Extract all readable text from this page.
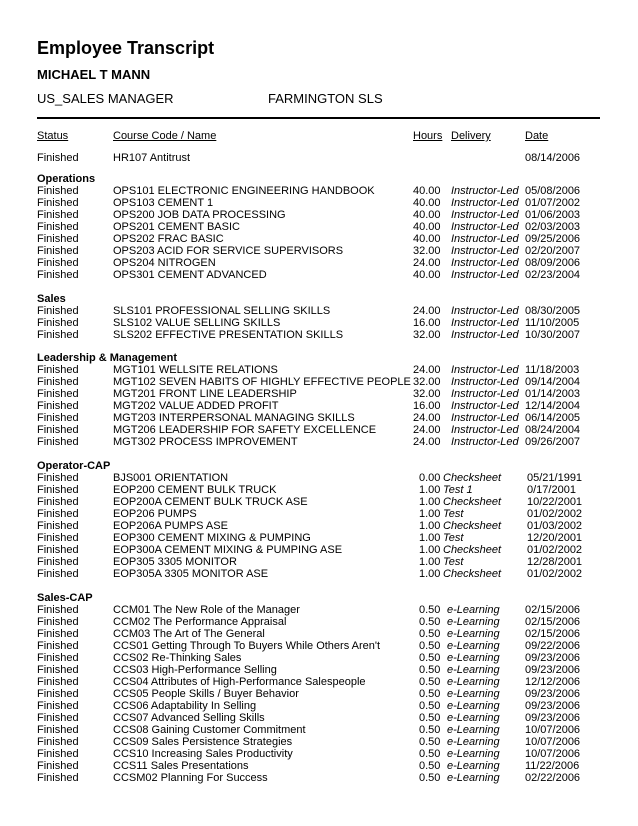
Employee Transcript
MICHAEL T MANN
US_SALES MANAGER	FARMINGTON SLS
Status	Course Code / Name	Hours Delivery	Date
Finished	HR107 Antitrust	08/14/2006
Operations
Finished	OPS101 ELECTRONIC ENGINEERING HANDBOOK	40.00 Instructor-Led 05/08/2006
Finished	OPS103 CEMENT 1	40.00 Instructor-Led 01/07/2002
Finished	OPS200 JOB DATA PROCESSING	40.00 Instructor-Led 01/06/2003
Finished	OPS201 CEMENT BASIC	40.00 Instructor-Led 02/03/2003
Finished	OPS202 FRAC BASIC	40.00 Instructor-Led 09/25/2006
Finished	OPS203 ACID FOR SERVICE SUPERVISORS	32.00 Instructor-Led 02/20/2007
Finished	OPS204 NITROGEN	24.00 Instructor-Led 08/09/2006
Finished	OPS301 CEMENT ADVANCED	40.00 Instructor-Led 02/23/2004
Sales
Finished	SLS101 PROFESSIONAL SELLING SKILLS	24.00 Instructor-Led 08/30/2005
Finished	SLS102 VALUE SELLING SKILLS	16.00 Instructor-Led 11/10/2005
Finished	SLS202 EFFECTIVE PRESENTATION SKILLS	32.00 Instructor-Led 10/30/2007
Leadership & Management
Finished	MGT101 WELLSITE RELATIONS	24.00 Instructor-Led 11/18/2003
Finished	MGT102 SEVEN HABITS OF HIGHLY EFFECTIVE PEOPLE 32.00 Instructor-Led 09/14/2004
Finished	MGT201 FRONT LINE LEADERSHIP	32.00 Instructor-Led 01/14/2003
Finished	MGT202 VALUE ADDED PROFIT	16.00 Instructor-Led 12/14/2004
Finished	MGT203 INTERPERSONAL MANAGING SKILLS	24.00 Instructor-Led 06/14/2005
Finished	MGT206 LEADERSHIP FOR SAFETY EXCELLENCE	24.00 Instructor-Led 08/24/2004
Finished	MGT302 PROCESS IMPROVEMENT	24.00 Instructor-Led 09/26/2007
Operator-CAP
Finished	BJS001 ORIENTATION	0.00 Checksheet 05/21/1991
Finished	EOP200 CEMENT BULK TRUCK	1.00 Test 1	0/17/2001
Finished	EOP200A CEMENT BULK TRUCK ASE	1.00 Checksheet 10/22/2001
Finished	EOP206 PUMPS	1.00 Test	01/02/2002
Finished	EOP206A PUMPS ASE	1.00 Checksheet 01/03/2002
Finished	EOP300 CEMENT MIXING & PUMPING	1.00 Test	12/20/2001
Finished	EOP300A CEMENT MIXING & PUMPING ASE	1.00 Checksheet 01/02/2002
Finished	EOP305 3305 MONITOR	1.00 Test	12/28/2001
Finished	EOP305A 3305 MONITOR ASE	1.00 Checksheet 01/02/2002
Sales-CAP
Finished	CCM01 The New Role of the Manager	0.50 e-Learning 02/15/2006
Finished	CCM02 The Performance Appraisal	0.50 e-Learning 02/15/2006
Finished	CCM03 The Art of The General	0.50 e-Learning 02/15/2006
Finished	CCS01 Getting Through To Buyers While Others Aren't	0.50 e-Learning 09/22/2006
Finished	CCS02 Re-Thinking Sales	0.50 e-Learning 09/23/2006
Finished	CCS03 High-Performance Selling	0.50 e-Learning 09/23/2006
Finished	CCS04 Attributes of High-Performance Salespeople	0.50 e-Learning 12/12/2006
Finished	CCS05 People Skills / Buyer Behavior	0.50 e-Learning 09/23/2006
Finished	CCS06 Adaptability In Selling	0.50 e-Learning 09/23/2006
Finished	CCS07 Advanced Selling Skills	0.50 e-Learning 09/23/2006
Finished	CCS08 Gaining Customer Commitment	0.50 e-Learning 10/07/2006
Finished	CCS09 Sales Persistence Strategies	0.50 e-Learning 10/07/2006
Finished	CCS10 Increasing Sales Productivity	0.50 e-Learning 10/07/2006
Finished	CCS11 Sales Presentations	0.50 e-Learning 11/22/2006
Finished	CCSM02 Planning For Success	0.50 e-Learning 02/22/2006
